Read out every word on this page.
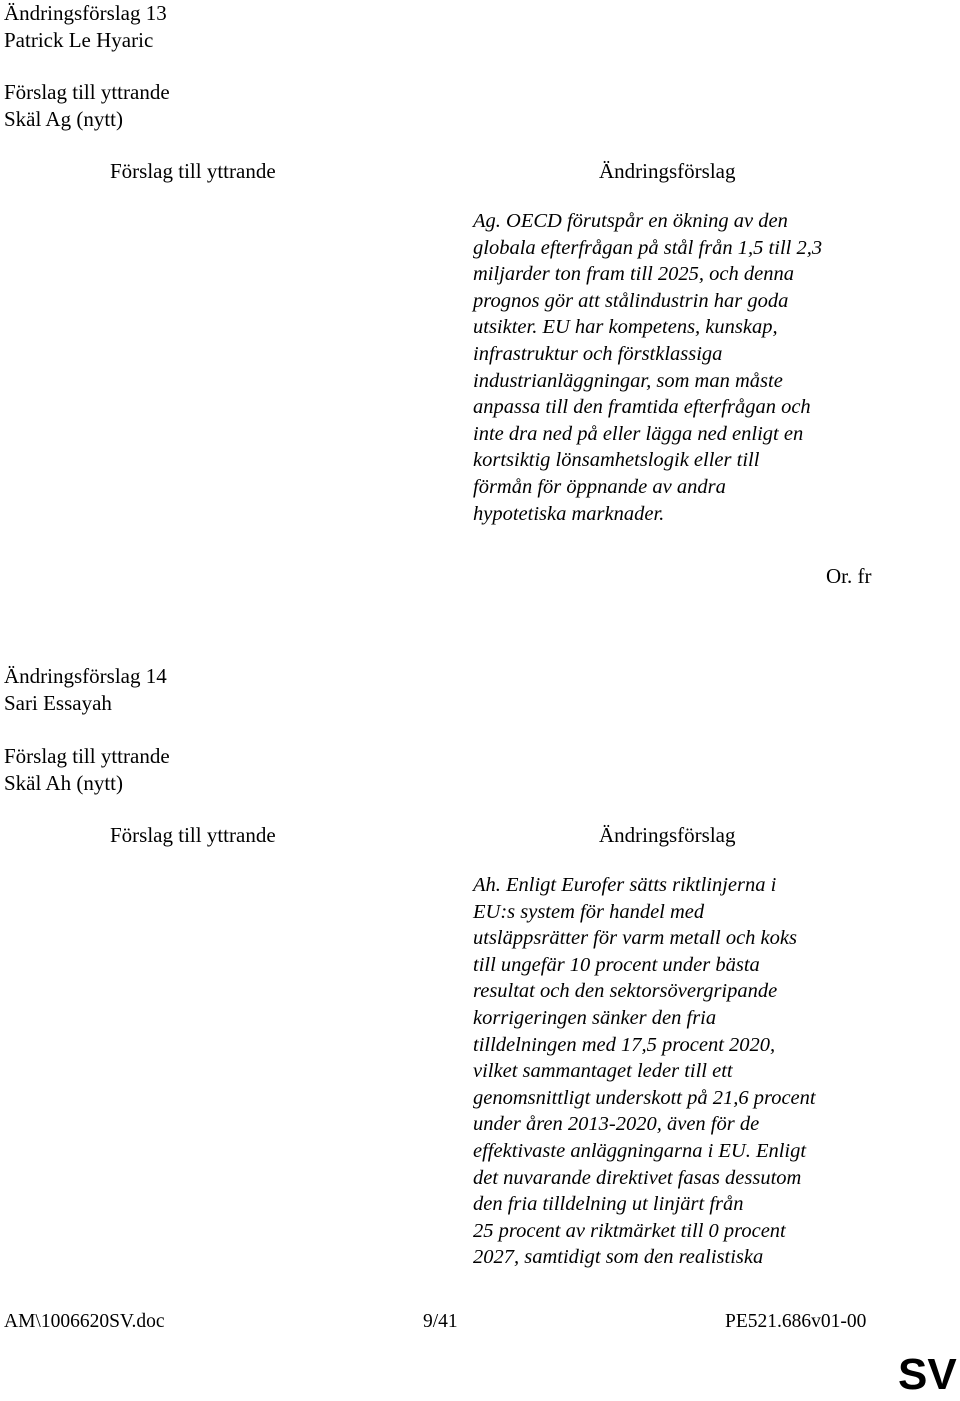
Ändringsförslag 13
Patrick Le Hyaric
Förslag till yttrande
Skäl Ag (nytt)
Förslag till yttrande	Ändringsförslag
Ag. OECD förutspår en ökning av den
globala efterfrågan på stål från 1,5 till 2,3
miljarder ton fram till 2025, och denna
prognos gör att stålindustrin har goda
utsikter. EU har kompetens, kunskap,
infrastruktur och förstklassiga
industrianläggningar, som man måste
anpassa till den framtida efterfrågan och
inte dra ned på eller lägga ned enligt en
kortsiktig lönsamhetslogik eller till
förmån för öppnande av andra
hypotetiska marknader.
Or. fr
Ändringsförslag 14
Sari Essayah
Förslag till yttrande
Skäl Ah (nytt)
Förslag till yttrande	Ändringsförslag
Ah. Enligt Eurofer sätts riktlinjerna i
EU:s system för handel med
utsläppsrätter för varm metall och koks
till ungefär 10 procent under bästa
resultat och den sektorsövergripande
korrigeringen sänker den fria
tilldelningen med 17,5 procent 2020,
vilket sammantaget leder till ett
genomsnittligt underskott på 21,6 procent
under åren 2013-2020, även för de
effektivaste anläggningarna i EU. Enligt
det nuvarande direktivet fasas dessutom
den fria tilldelning ut linjärt från
25 procent av riktmärket till 0 procent
2027, samtidigt som den realistiska
AM\1006620SV.doc	9/41	PE521.686v01-00
SV
